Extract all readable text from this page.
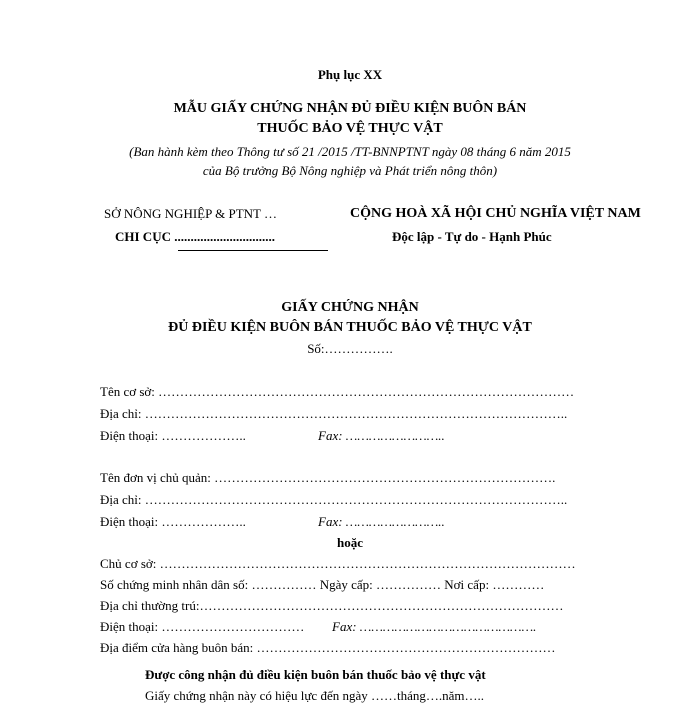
Phụ lục XX
MẪU GIẤY CHỨNG NHẬN ĐỦ ĐIỀU KIỆN BUÔN BÁN
THUỐC BẢO VỆ THỰC VẬT
(Ban hành kèm theo Thông tư số 21 /2015 /TT-BNNPTNT ngày 08 tháng 6 năm 2015
của Bộ trưởng Bộ Nông nghiệp và Phát triển nông thôn)
SỞ NÔNG NGHIỆP & PTNT …
CHI CỤC ...............................
CỘNG HOÀ XÃ HỘI CHỦ NGHĨA VIỆT NAM
Độc lập - Tự do - Hạnh Phúc
GIẤY CHỨNG NHẬN
ĐỦ ĐIỀU KIỆN BUÔN BÁN THUỐC BẢO VỆ THỰC VẬT
Số:…………….
Tên cơ sở: ……………………………………………………………………………………
Địa chỉ: ……………………………………………………………………………………..
Điện thoại: ………………..	Fax: ……………………..
Tên đơn vị chủ quản: …………………………………………………………………….
Địa chỉ: ……………………………………………………………………………………..
Điện thoại: ………………..	Fax: ……………………..
hoặc
Chủ cơ sở: ……………………………………………………………………………………
Số chứng minh nhân dân số: …………… Ngày cấp: …………… Nơi cấp: …………
Địa chỉ thường trú:…………………………………………………………………………
Điện thoại: …………………………… Fax: ……………………………………….
Địa điểm cửa hàng buôn bán: ……………………………………………………………
Được công nhận đủ điều kiện buôn bán thuốc bảo vệ thực vật
Giấy chứng nhận này có hiệu lực đến ngày ……tháng….năm…..
